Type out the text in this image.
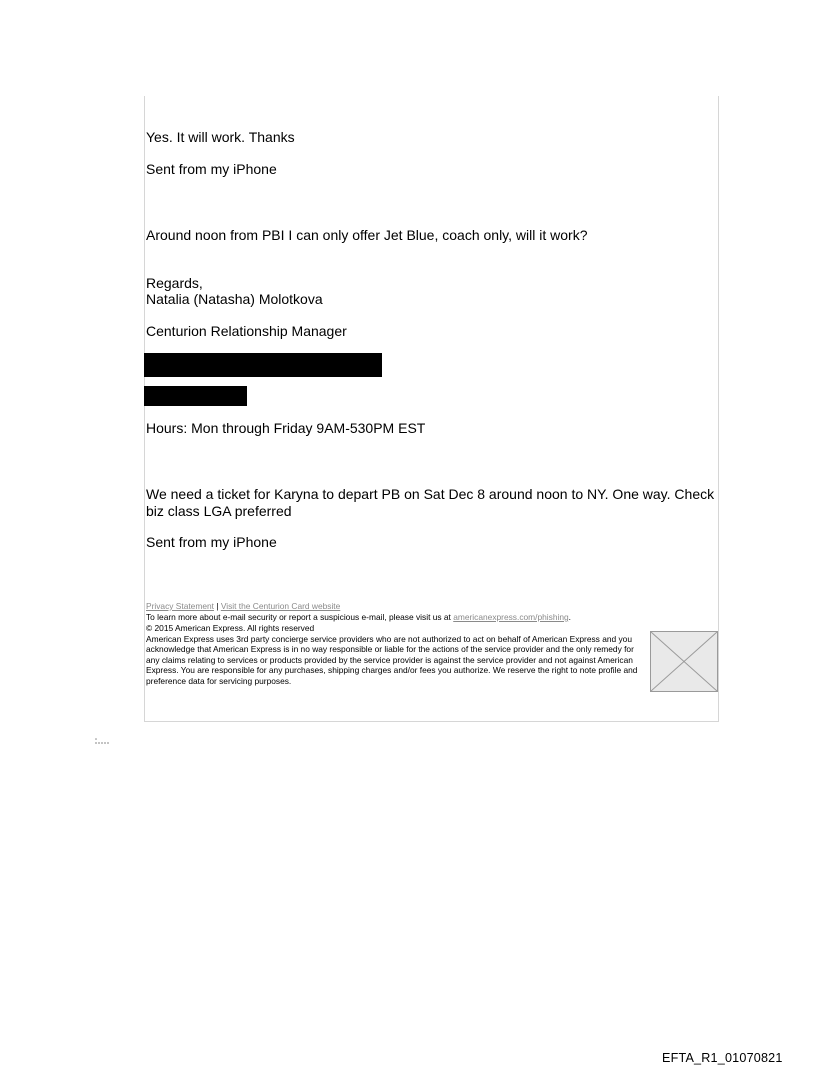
Yes. It will work. Thanks
Sent from my iPhone
Around noon from PBI I can only offer Jet Blue, coach only, will it work?
Regards,
Natalia (Natasha) Molotkova
Centurion Relationship Manager
Hours: Mon through Friday 9AM-530PM EST
We need a ticket for Karyna to depart PB on Sat Dec 8 around noon to NY. One way. Check biz class LGA preferred
Sent from my iPhone
Privacy Statement | Visit the Centurion Card website
To learn more about e-mail security or report a suspicious e-mail, please visit us at americanexpress.com/phishing.
© 2015 American Express. All rights reserved
American Express uses 3rd party concierge service providers who are not authorized to act on behalf of American Express and you acknowledge that American Express is in no way responsible or liable for the actions of the service provider and the only remedy for any claims relating to services or products provided by the service provider is against the service provider and not against American Express. You are responsible for any purchases, shipping charges and/or fees you authorize. We reserve the right to note profile and preference data for servicing purposes.
EFTA_R1_01070821
